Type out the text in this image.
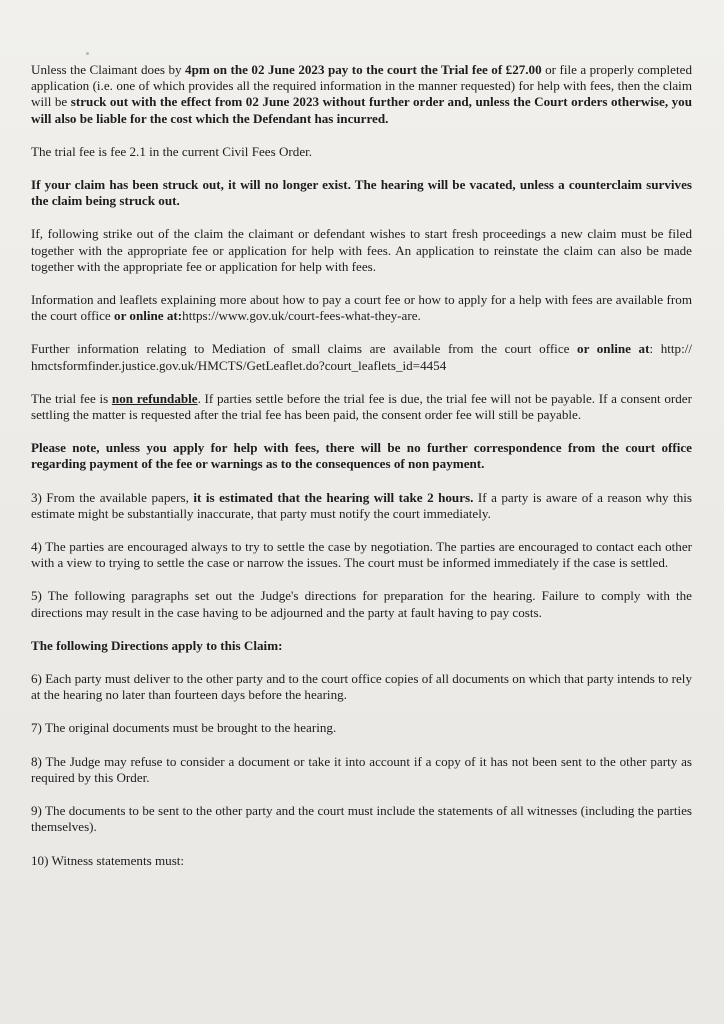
Unless the Claimant does by 4pm on the 02 June 2023 pay to the court the Trial fee of £27.00 or file a properly completed application (i.e. one of which provides all the required information in the manner requested) for help with fees, then the claim will be struck out with the effect from 02 June 2023 without further order and, unless the Court orders otherwise, you will also be liable for the cost which the Defendant has incurred.

The trial fee is fee 2.1 in the current Civil Fees Order.

If your claim has been struck out, it will no longer exist. The hearing will be vacated, unless a counterclaim survives the claim being struck out.

If, following strike out of the claim the claimant or defendant wishes to start fresh proceedings a new claim must be filed together with the appropriate fee or application for help with fees. An application to reinstate the claim can also be made together with the appropriate fee or application for help with fees.

Information and leaflets explaining more about how to pay a court fee or how to apply for a help with fees are available from the court office or online at:https://www.gov.uk/court-fees-what-they-are.

Further information relating to Mediation of small claims are available from the court office or online at: http:// hmctsformfinder.justice.gov.uk/HMCTS/GetLeaflet.do?court_leaflets_id=4454

The trial fee is non refundable. If parties settle before the trial fee is due, the trial fee will not be payable. If a consent order settling the matter is requested after the trial fee has been paid, the consent order fee will still be payable.

Please note, unless you apply for help with fees, there will be no further correspondence from the court office regarding payment of the fee or warnings as to the consequences of non payment.

3) From the available papers, it is estimated that the hearing will take 2 hours. If a party is aware of a reason why this estimate might be substantially inaccurate, that party must notify the court immediately.

4) The parties are encouraged always to try to settle the case by negotiation. The parties are encouraged to contact each other with a view to trying to settle the case or narrow the issues. The court must be informed immediately if the case is settled.

5) The following paragraphs set out the Judge's directions for preparation for the hearing. Failure to comply with the directions may result in the case having to be adjourned and the party at fault having to pay costs.

The following Directions apply to this Claim:

6) Each party must deliver to the other party and to the court office copies of all documents on which that party intends to rely at the hearing no later than fourteen days before the hearing.

7) The original documents must be brought to the hearing.

8) The Judge may refuse to consider a document or take it into account if a copy of it has not been sent to the other party as required by this Order.

9) The documents to be sent to the other party and the court must include the statements of all witnesses (including the parties themselves).

10) Witness statements must:
